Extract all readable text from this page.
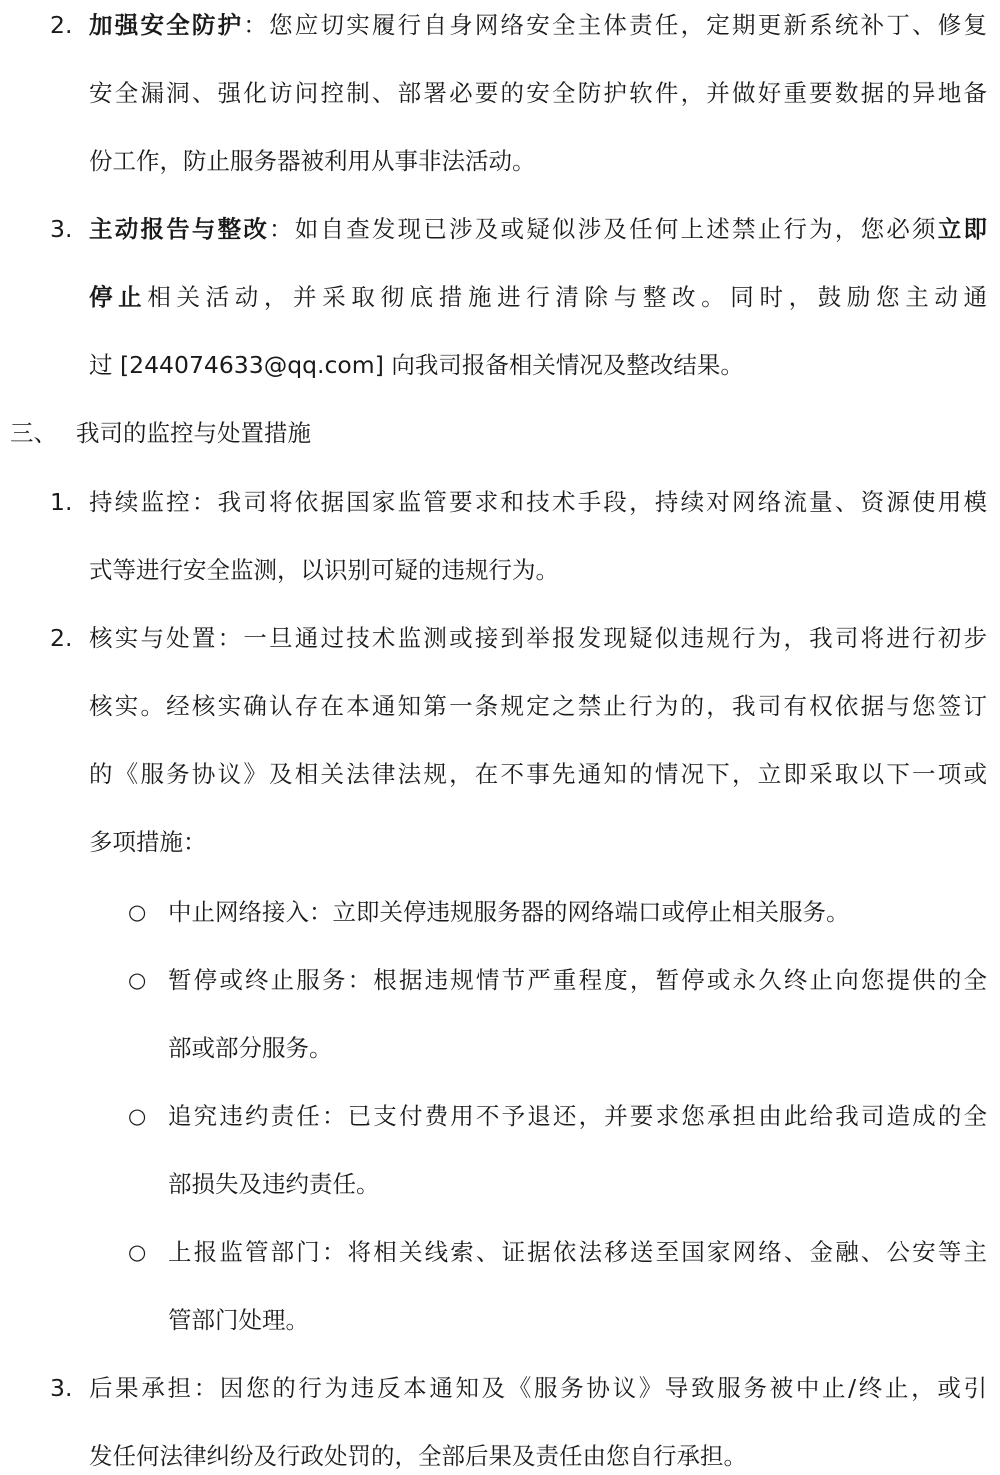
2. 加强安全防护：您应切实履行自身网络安全主体责任，定期更新系统补丁、修复
安全漏洞、强化访问控制、部署必要的安全防护软件，并做好重要数据的异地备
份工作，防止服务器被利用从事非法活动。
3. 主动报告与整改：如自查发现已涉及或疑似涉及任何上述禁止行为，您必须立即
停止相关活动，并采取彻底措施进行清除与整改。同时，鼓励您主动通
过 [244074633@qq.com] 向我司报备相关情况及整改结果。
三、 我司的监控与处置措施
1. 持续监控：我司将依据国家监管要求和技术手段，持续对网络流量、资源使用模
式等进行安全监测，以识别可疑的违规行为。
2. 核实与处置：一旦通过技术监测或接到举报发现疑似违规行为，我司将进行初步
核实。经核实确认存在本通知第一条规定之禁止行为的，我司有权依据与您签订
的《服务协议》及相关法律法规，在不事先通知的情况下，立即采取以下一项或
多项措施：
○ 中止网络接入：立即关停违规服务器的网络端口或停止相关服务。
○ 暂停或终止服务：根据违规情节严重程度，暂停或永久终止向您提供的全
部或部分服务。
○ 追究违约责任：已支付费用不予退还，并要求您承担由此给我司造成的全
部损失及违约责任。
○ 上报监管部门：将相关线索、证据依法移送至国家网络、金融、公安等主
管部门处理。
3. 后果承担：因您的行为违反本通知及《服务协议》导致服务被中止/终止，或引
发任何法律纠纷及行政处罚的，全部后果及责任由您自行承担。
